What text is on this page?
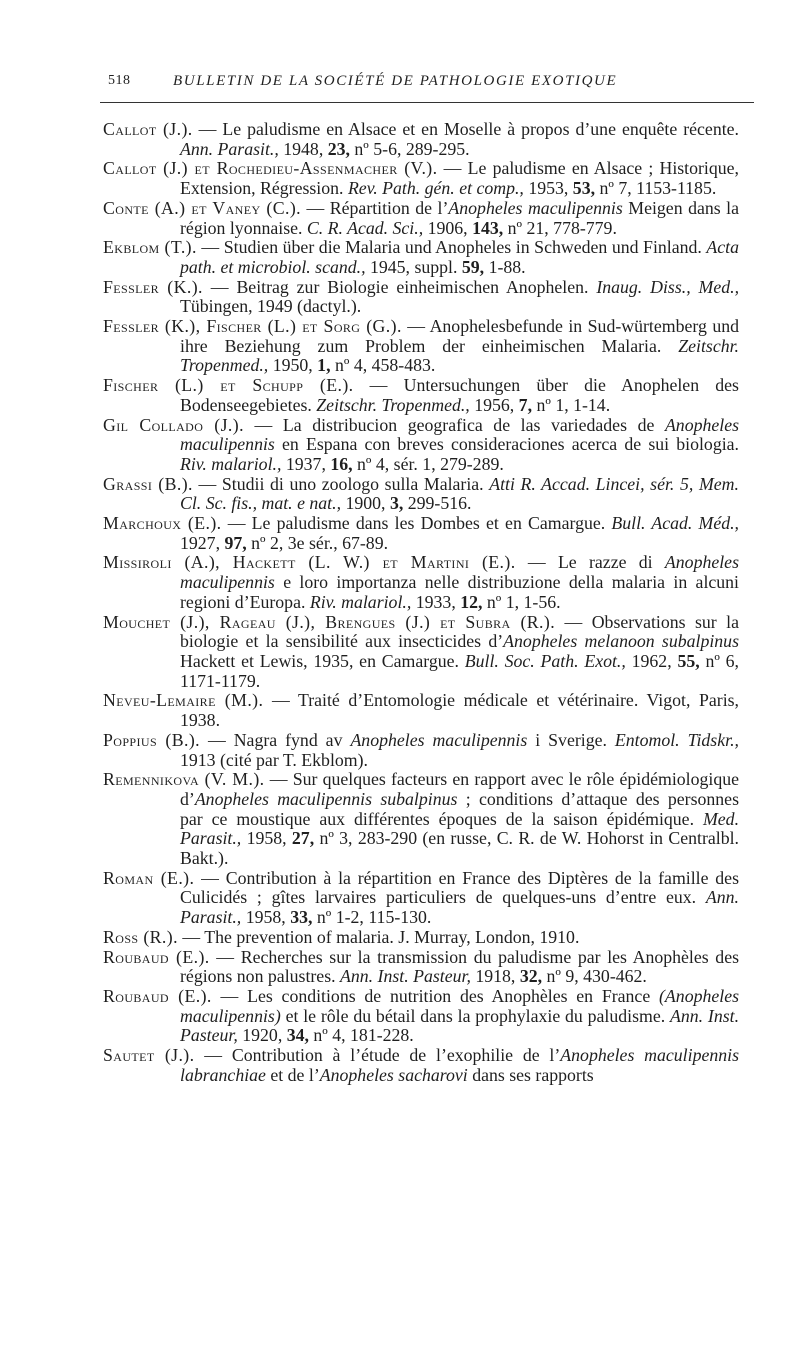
518	BULLETIN DE LA SOCIÉTÉ DE PATHOLOGIE EXOTIQUE

Callot (J.). — Le paludisme en Alsace et en Moselle à propos d’une enquête récente. Ann. Parasit., 1948, 23, nº 5-6, 289-295.

Callot (J.) et Rochedieu-Assenmacher (V.). — Le paludisme en Alsace ; Historique, Extension, Régression. Rev. Path. gén. et comp., 1953, 53, nº 7, 1153-1185.

Conte (A.) et Vaney (C.). — Répartition de l’Anopheles maculipennis Meigen dans la région lyonnaise. C. R. Acad. Sci., 1906, 143, nº 21, 778-779.

Ekblom (T.). — Studien über die Malaria und Anopheles in Schweden und Finland. Acta path. et microbiol. scand., 1945, suppl. 59, 1-88.

Fessler (K.). — Beitrag zur Biologie einheimischen Anophelen. Inaug. Diss., Med., Tübingen, 1949 (dactyl.).

Fessler (K.), Fischer (L.) et Sorg (G.). — Anophelesbefunde in Sud-würtemberg und ihre Beziehung zum Problem der einheimischen Malaria. Zeitschr. Tropenmed., 1950, 1, nº 4, 458-483.

Fischer (L.) et Schupp (E.). — Untersuchungen über die Anophelen des Bodenseegebietes. Zeitschr. Tropenmed., 1956, 7, nº 1, 1-14.

Gil Collado (J.). — La distribucion geografica de las variedades de Anopheles maculipennis en Espana con breves consideraciones acerca de sui biologia. Riv. malariol., 1937, 16, nº 4, sér. 1, 279-289.

Grassi (B.). — Studii di uno zoologo sulla Malaria. Atti R. Accad. Lincei, sér. 5, Mem. Cl. Sc. fis., mat. e nat., 1900, 3, 299-516.

Marchoux (E.). — Le paludisme dans les Dombes et en Camargue. Bull. Acad. Méd., 1927, 97, nº 2, 3e sér., 67-89.

Missiroli (A.), Hackett (L. W.) et Martini (E.). — Le razze di Anopheles maculipennis e loro importanza nelle distribuzione della malaria in alcuni regioni d’Europa. Riv. malariol., 1933, 12, nº 1, 1-56.

Mouchet (J.), Rageau (J.), Brengues (J.) et Subra (R.). — Observations sur la biologie et la sensibilité aux insecticides d’Anopheles melanoon subalpinus Hackett et Lewis, 1935, en Camargue. Bull. Soc. Path. Exot., 1962, 55, nº 6, 1171-1179.

Neveu-Lemaire (M.). — Traité d’Entomologie médicale et vétérinaire. Vigot, Paris, 1938.

Poppius (B.). — Nagra fynd av Anopheles maculipennis i Sverige. Entomol. Tidskr., 1913 (cité par T. Ekblom).

Remennikova (V. M.). — Sur quelques facteurs en rapport avec le rôle épidémiologique d’Anopheles maculipennis subalpinus ; conditions d’attaque des personnes par ce moustique aux différentes époques de la saison épidémique. Med. Parasit., 1958, 27, nº 3, 283-290 (en russe, C. R. de W. Hohorst in Centralbl. Bakt.).

Roman (E.). — Contribution à la répartition en France des Diptères de la famille des Culicidés ; gîtes larvaires particuliers de quelques-uns d’entre eux. Ann. Parasit., 1958, 33, nº 1-2, 115-130.

Ross (R.). — The prevention of malaria. J. Murray, London, 1910.

Roubaud (E.). — Recherches sur la transmission du paludisme par les Anophèles des régions non palustres. Ann. Inst. Pasteur, 1918, 32, nº 9, 430-462.

Roubaud (E.). — Les conditions de nutrition des Anophèles en France (Anopheles maculipennis) et le rôle du bétail dans la prophylaxie du paludisme. Ann. Inst. Pasteur, 1920, 34, nº 4, 181-228.

Sautet (J.). — Contribution à l’étude de l’exophilie de l’Anopheles maculipennis labranchiae et de l’Anopheles sacharovi dans ses rapports
